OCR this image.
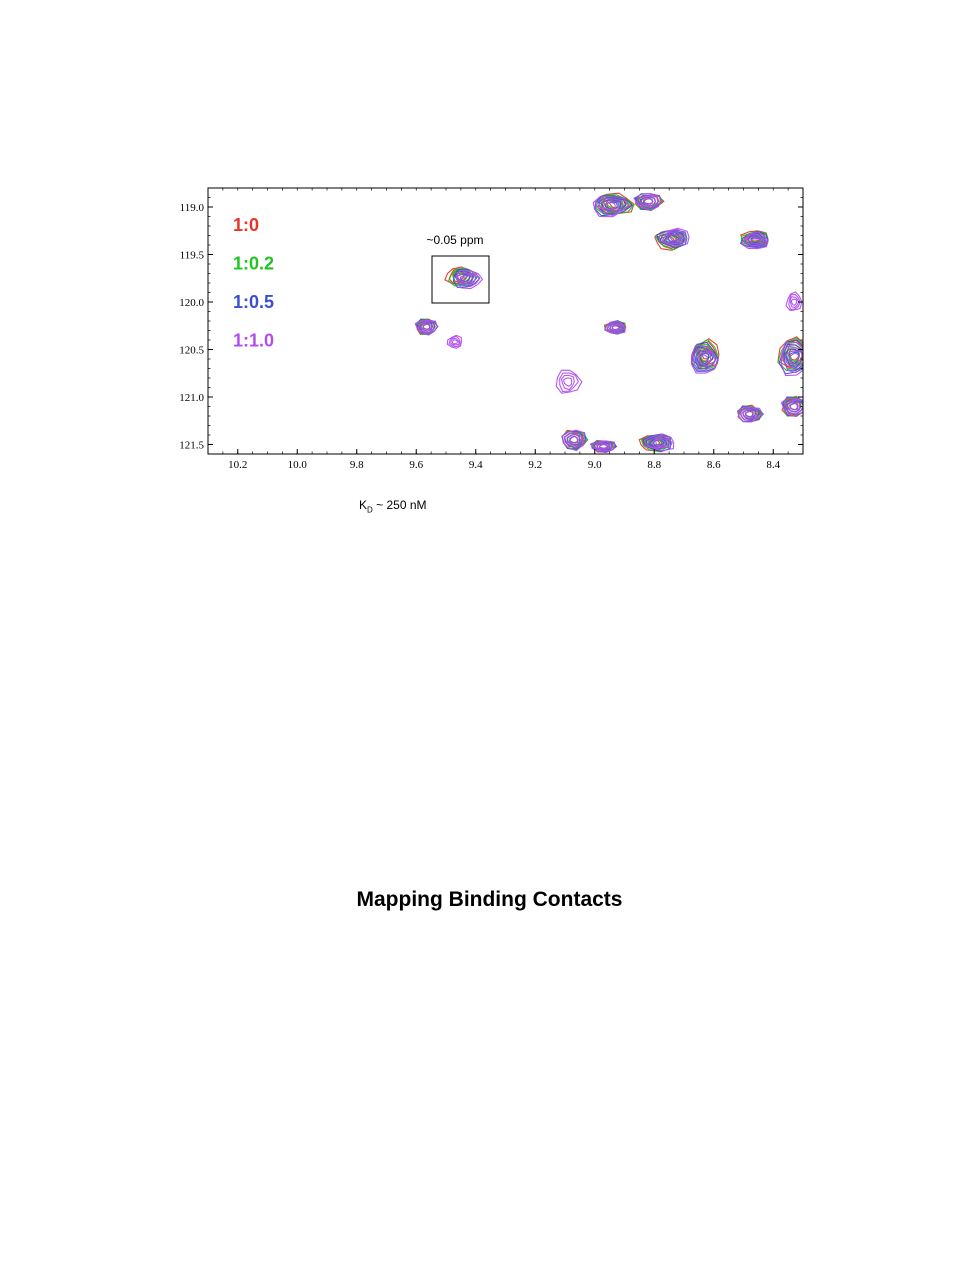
10.2	10.0	9.8	9.6	9.4	9.2	9.0	8.8	8.6	8.4
119.0
119.5
120.0
120.5
121.0
121.5
1:0
1:0.2
1:0.5
1:1.0
~0.05 ppm
$K_D$ ~ 250 nM
Mapping Binding Contacts
